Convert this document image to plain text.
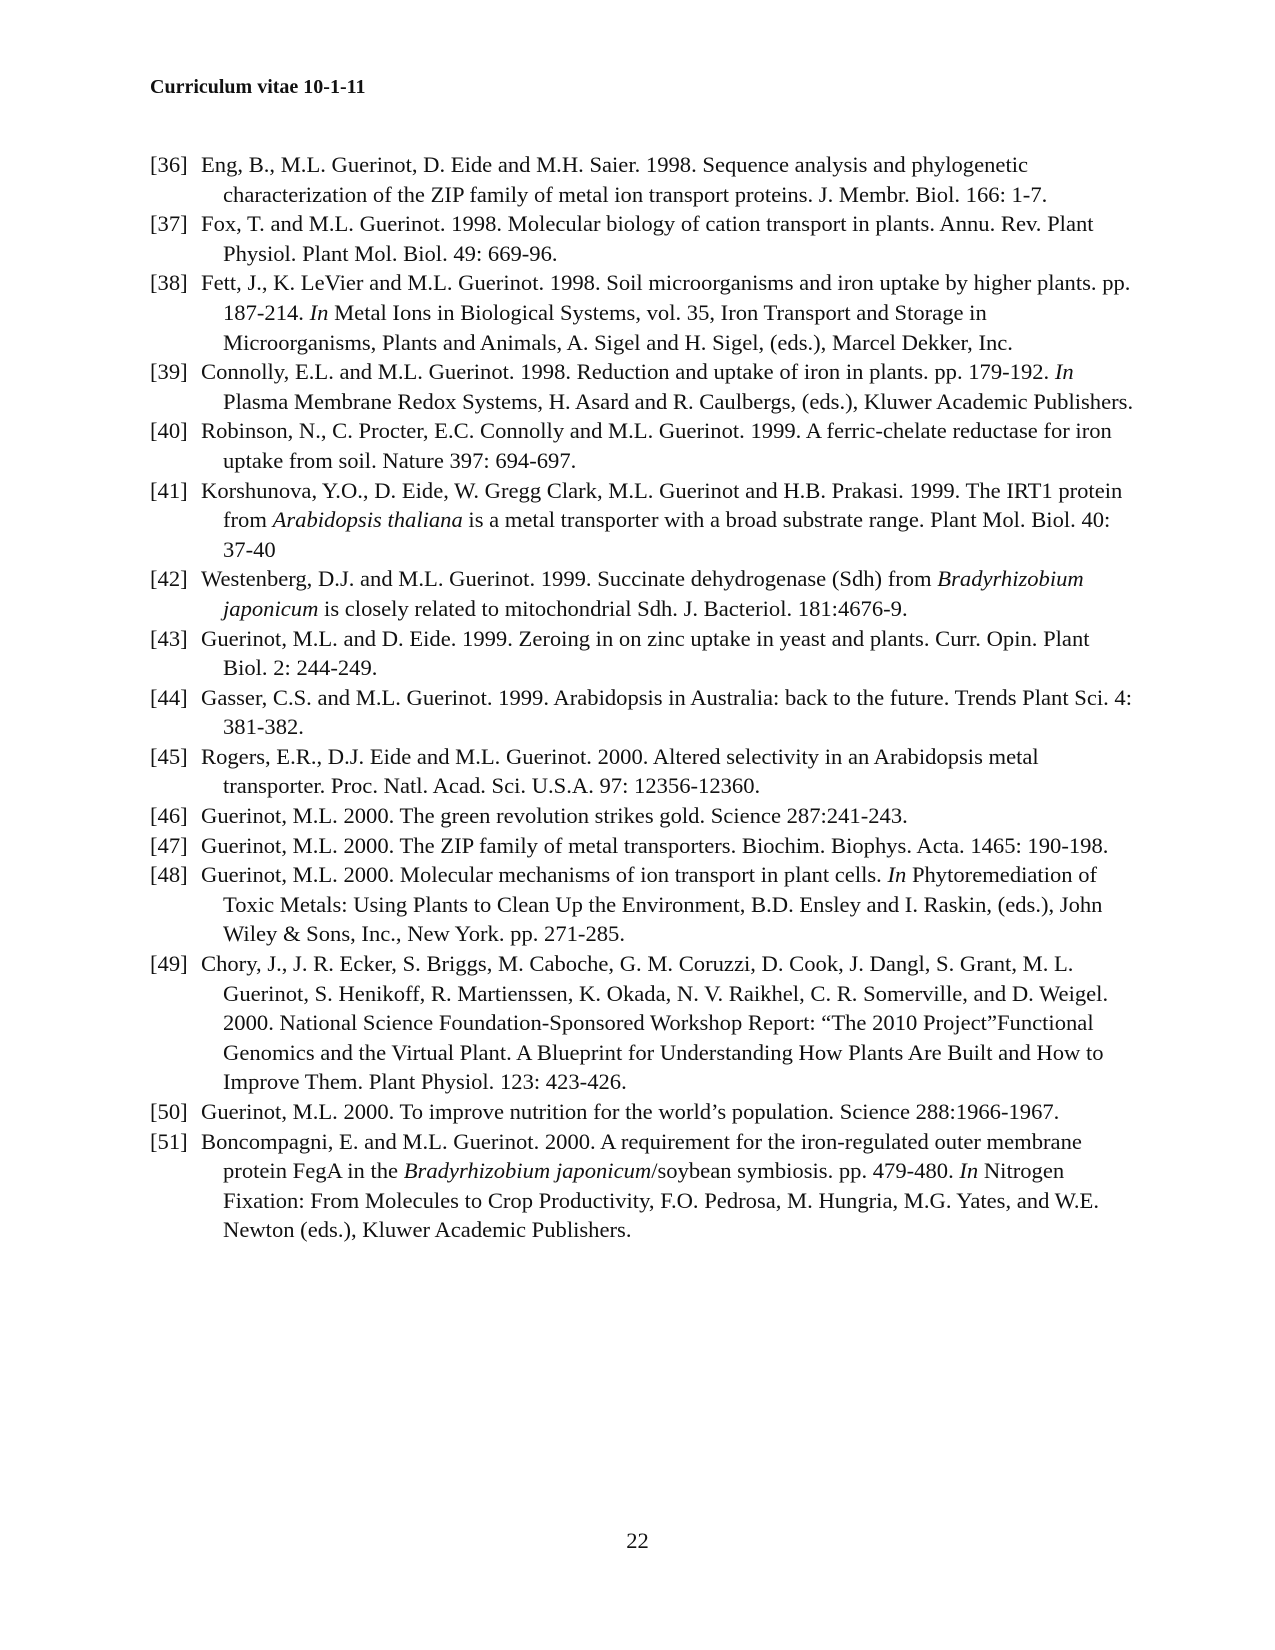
Curriculum vitae 10-1-11
[36] Eng, B., M.L. Guerinot, D. Eide and M.H. Saier. 1998. Sequence analysis and phylogenetic characterization of the ZIP family of metal ion transport proteins. J. Membr. Biol. 166: 1-7.
[37] Fox, T. and M.L. Guerinot. 1998. Molecular biology of cation transport in plants. Annu. Rev. Plant Physiol. Plant Mol. Biol. 49: 669-96.
[38] Fett, J., K. LeVier and M.L. Guerinot. 1998. Soil microorganisms and iron uptake by higher plants. pp. 187-214. In Metal Ions in Biological Systems, vol. 35, Iron Transport and Storage in Microorganisms, Plants and Animals, A. Sigel and H. Sigel, (eds.), Marcel Dekker, Inc.
[39] Connolly, E.L. and M.L. Guerinot. 1998. Reduction and uptake of iron in plants. pp. 179-192. In Plasma Membrane Redox Systems, H. Asard and R. Caulbergs, (eds.), Kluwer Academic Publishers.
[40] Robinson, N., C. Procter, E.C. Connolly and M.L. Guerinot. 1999. A ferric-chelate reductase for iron uptake from soil. Nature 397: 694-697.
[41] Korshunova, Y.O., D. Eide, W. Gregg Clark, M.L. Guerinot and H.B. Prakasi. 1999. The IRT1 protein from Arabidopsis thaliana is a metal transporter with a broad substrate range. Plant Mol. Biol. 40: 37-40
[42] Westenberg, D.J. and M.L. Guerinot. 1999. Succinate dehydrogenase (Sdh) from Bradyrhizobium japonicum is closely related to mitochondrial Sdh. J. Bacteriol. 181:4676-9.
[43] Guerinot, M.L. and D. Eide. 1999. Zeroing in on zinc uptake in yeast and plants. Curr. Opin. Plant Biol. 2: 244-249.
[44] Gasser, C.S. and M.L. Guerinot. 1999. Arabidopsis in Australia: back to the future. Trends Plant Sci. 4: 381-382.
[45] Rogers, E.R., D.J. Eide and M.L. Guerinot. 2000. Altered selectivity in an Arabidopsis metal transporter. Proc. Natl. Acad. Sci. U.S.A. 97: 12356-12360.
[46] Guerinot, M.L. 2000. The green revolution strikes gold. Science 287:241-243.
[47] Guerinot, M.L. 2000. The ZIP family of metal transporters. Biochim. Biophys. Acta. 1465: 190-198.
[48] Guerinot, M.L. 2000. Molecular mechanisms of ion transport in plant cells. In Phytoremediation of Toxic Metals: Using Plants to Clean Up the Environment, B.D. Ensley and I. Raskin, (eds.), John Wiley & Sons, Inc., New York. pp. 271-285.
[49] Chory, J., J. R. Ecker, S. Briggs, M. Caboche, G. M. Coruzzi, D. Cook, J. Dangl, S. Grant, M. L. Guerinot, S. Henikoff, R. Martienssen, K. Okada, N. V. Raikhel, C. R. Somerville, and D. Weigel. 2000. National Science Foundation-Sponsored Workshop Report: “The 2010 Project”Functional Genomics and the Virtual Plant. A Blueprint for Understanding How Plants Are Built and How to Improve Them. Plant Physiol. 123: 423-426.
[50] Guerinot, M.L. 2000. To improve nutrition for the world’s population. Science 288:1966-1967.
[51] Boncompagni, E. and M.L. Guerinot. 2000. A requirement for the iron-regulated outer membrane protein FegA in the Bradyrhizobium japonicum/soybean symbiosis. pp. 479-480. In Nitrogen Fixation: From Molecules to Crop Productivity, F.O. Pedrosa, M. Hungria, M.G. Yates, and W.E. Newton (eds.), Kluwer Academic Publishers.
22
